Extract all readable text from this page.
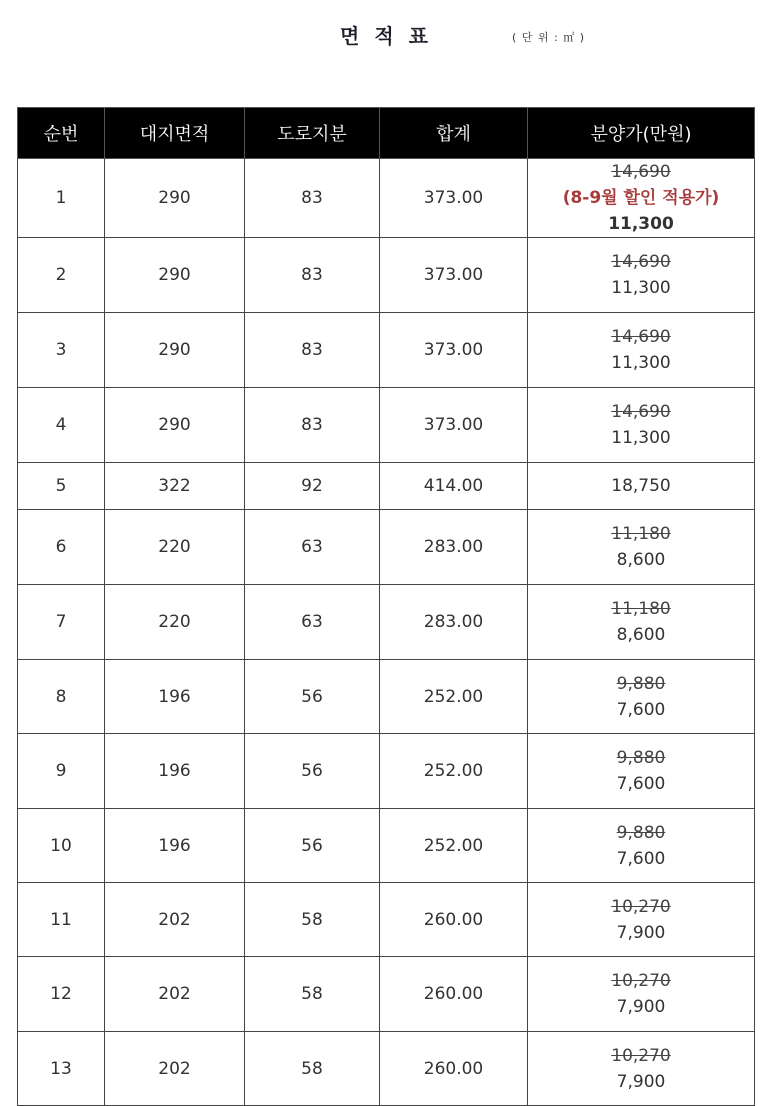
면 적 표	( 단 위 : ㎡ )
순번	대지면적	도로지분	합계	분양가(만원)
1	290	83	373.00	14,690
(8-9월 할인 적용가) 11,300

2	290	83	373.00	14,690
11,300

3	290	83	373.00	14,690
11,300

4	290	83	373.00	14,690
11,300

5	322	92	414.00	18,750

6	220	63	283.00	11,180
8,600

7	220	63	283.00	11,180
8,600

8	196	56	252.00	9,880
7,600

9	196	56	252.00	9,880
7,600

10	196	56	252.00	9,880
7,600

11	202	58	260.00	10,270
7,900

12	202	58	260.00	10,270
7,900

13	202	58	260.00	10,270
7,900
